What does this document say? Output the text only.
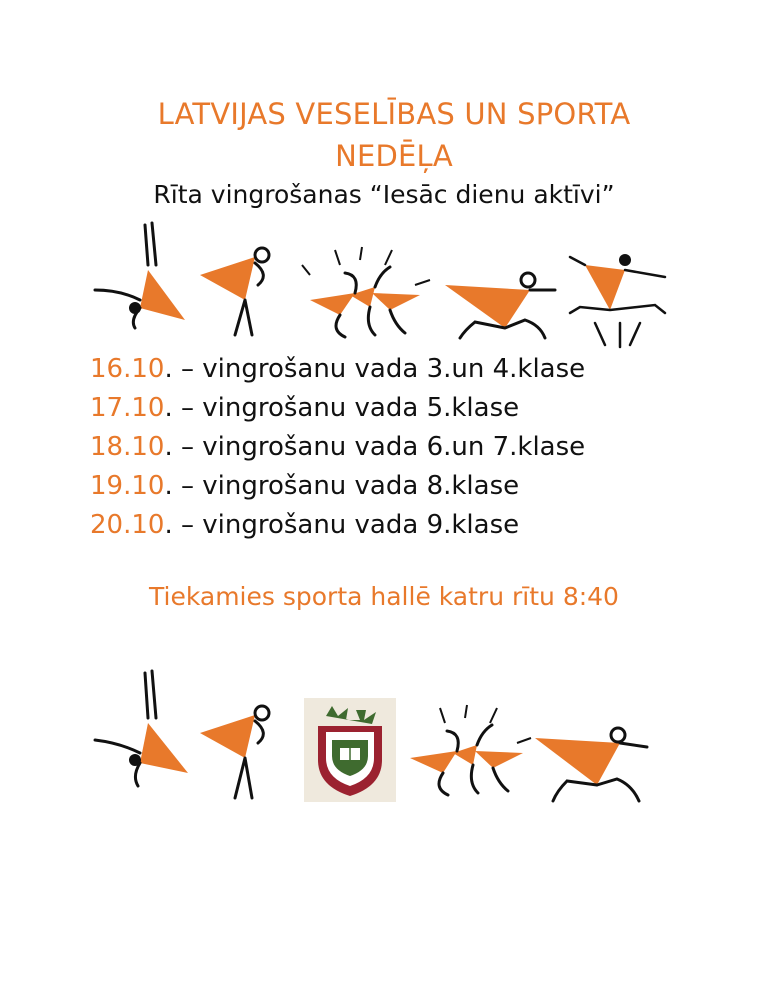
LATVIJAS VESELĪBAS UN SPORTA
NEDĒĻA
Rīta vingrošanas “Iesāc dienu aktīvi”
16.10. – vingrošanu vada 3.un 4.klase
17.10. – vingrošanu vada 5.klase
18.10. – vingrošanu vada 6.un 7.klase
19.10. – vingrošanu vada 8.klase
20.10. – vingrošanu vada 9.klase
Tiekamies sporta hallē katru rītu 8:40
